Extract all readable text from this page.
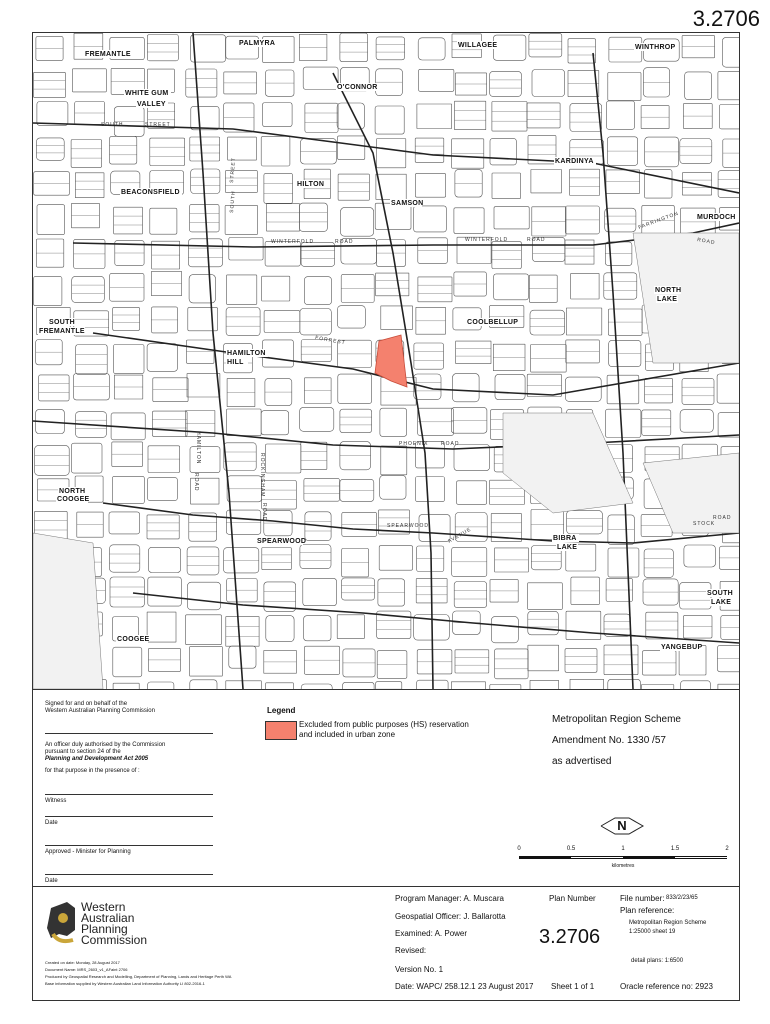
3.2706
PALMYRA	WILLAGEE	WINTHROP
FREMANTLE
O'CONNOR
WHITE GUM
VALLEY
KARDINYA
HILTON
BEACONSFIELD
SAMSON
MURDOCH
NORTH
LAKE
SOUTH
FREMANTLE
COOLBELLUP
HAMILTON
HILL
NORTH
COOGEE
SPEARWOOD	BIBRA
LAKE
SOUTH
LAKE
COOGEE
YANGEBUP
SOUTH	STREET
WINTERFOLD	ROAD	WINTERFOLD	ROAD
FORREST
PHOENIX ROAD
SPEARWOOD
AVENUE
ROCKINGHAM
ROAD
SOUTH
STREET
FARRINGTON
ROAD
HAMILTON
ROAD
STOCK
ROAD
Signed for and on behalf of the
Western Australian Planning Commission
An officer duly authorised by the Commission
pursuant to section 24 of the
Planning and Development Act 2005
for that purpose in the presence of :
Witness
Date
Approved - Minister for Planning
Date
Legend
Excluded from public purposes (HS) reservation
and included in urban zone
Metropolitan Region Scheme
Amendment No. 1330 /57
as advertised
N
0	0.5	1	1.5	2
kilometres
Western
Australian
Planning
Commission
Created on date: Monday, 28 August 2017
Document Name: MRS_2603_v1_AFaint 2706
Produced by Geospatial Research and Modelling, Department of Planning, Lands and Heritage Perth WA
Base information supplied by Western Australian Land Information Authority LI 802-2016-1
Program Manager: A. Muscara
Geospatial Officer: J. Ballarotta
Examined: A. Power
Revised:
Version No. 1
Date: WAPC/ 258.12.1 23 August 2017
Plan Number
3.2706
Sheet 1 of 1
File number: 833/2/23/65
Plan reference:
Metropolitan Region Scheme
1:25000 sheet 19
detail plans: 1:6500
Oracle reference no: 2923
